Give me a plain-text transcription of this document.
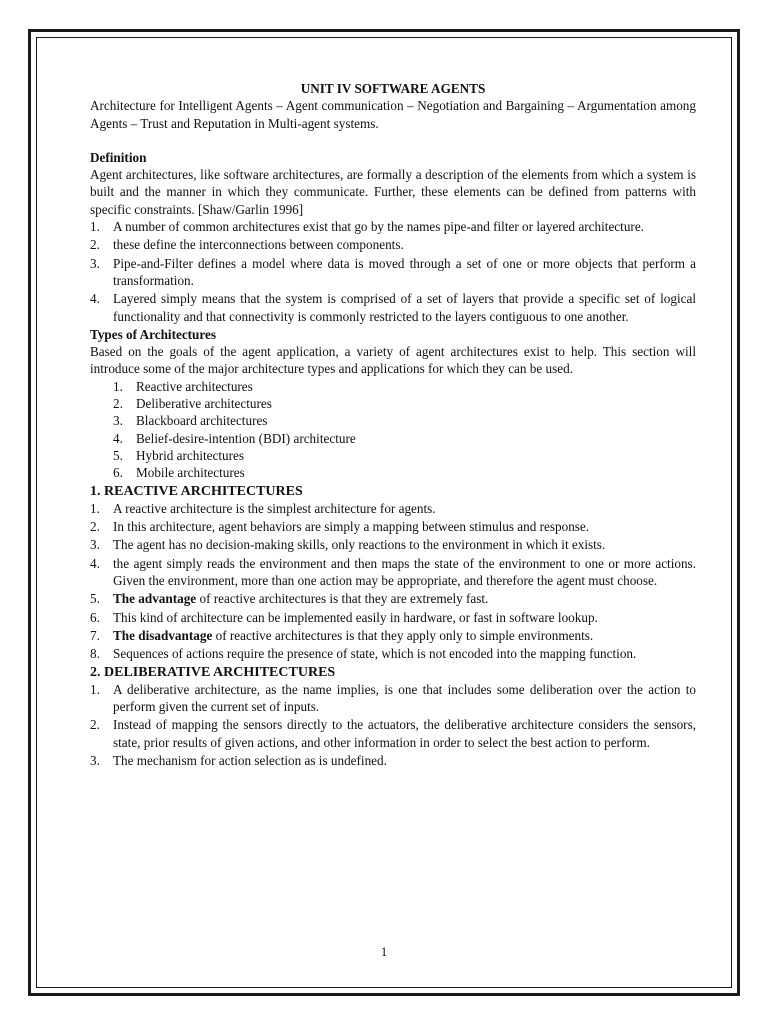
UNIT IV SOFTWARE AGENTS

Architecture for Intelligent Agents – Agent communication – Negotiation and Bargaining – Argumentation among Agents – Trust and Reputation in Multi-agent systems.

Definition

Agent architectures, like software architectures, are formally a description of the elements from which a system is built and the manner in which they communicate. Further, these elements can be defined from patterns with specific constraints. [Shaw/Garlin 1996]

1. A number of common architectures exist that go by the names pipe-and filter or layered architecture.
2. these define the interconnections between components.
3. Pipe-and-Filter defines a model where data is moved through a set of one or more objects that perform a transformation.
4. Layered simply means that the system is comprised of a set of layers that provide a specific set of logical functionality and that connectivity is commonly restricted to the layers contiguous to one another.

Types of Architectures

Based on the goals of the agent application, a variety of agent architectures exist to help. This section will introduce some of the major architecture types and applications for which they can be used.

1. Reactive architectures
2. Deliberative architectures
3. Blackboard architectures
4. Belief-desire-intention (BDI) architecture
5. Hybrid architectures
6. Mobile architectures

1. REACTIVE ARCHITECTURES

1. A reactive architecture is the simplest architecture for agents.
2. In this architecture, agent behaviors are simply a mapping between stimulus and response.
3. The agent has no decision-making skills, only reactions to the environment in which it exists.
4. the agent simply reads the environment and then maps the state of the environment to one or more actions. Given the environment, more than one action may be appropriate, and therefore the agent must choose.
5. The advantage of reactive architectures is that they are extremely fast.
6. This kind of architecture can be implemented easily in hardware, or fast in software lookup.
7. The disadvantage of reactive architectures is that they apply only to simple environments.
8. Sequences of actions require the presence of state, which is not encoded into the mapping function.

2. DELIBERATIVE ARCHITECTURES

1. A deliberative architecture, as the name implies, is one that includes some deliberation over the action to perform given the current set of inputs.
2. Instead of mapping the sensors directly to the actuators, the deliberative architecture considers the sensors, state, prior results of given actions, and other information in order to select the best action to perform.
3. The mechanism for action selection as is undefined.
1
